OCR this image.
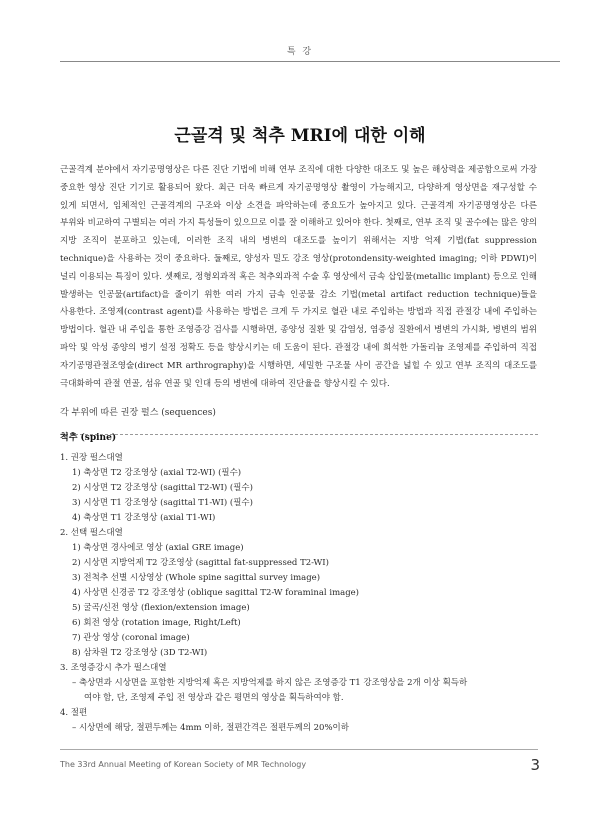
특 강
근골격 및 척추 MRI에 대한 이해

근골격계 분야에서 자기공명영상은 다른 진단 기법에 비해 연부 조직에 대한 다양한 대조도 및 높은 해상력을 제공함으로써 가장 중요한 영상 진단 기기로 활용되어 왔다. 최근 더욱 빠르게 자기공명영상 촬영이 가능해지고, 다양하게 영상면을 재구성할 수 있게 되면서, 임체적인 근골격계의 구조와 이상 소견을 파악하는데 중요도가 높아지고 있다. 근골격계 자기공명영상은 다른 부위와 비교하여 구별되는 여러 가지 특성들이 있으므로 이를 잘 이해하고 있어야 한다. 첫째로, 연부 조직 및 골수에는 많은 양의 지방 조직이 분포하고 있는데, 이러한 조직 내의 병변의 대조도를 높이기 위해서는 지방 억제 기법(fat suppression technique)을 사용하는 것이 중요하다. 둘째로, 양성자 밀도 강조 영상(protondensity-weighted imaging; 이하 PDWI)이 널리 이용되는 특징이 있다. 셋째로, 정형외과적 혹은 척추외과적 수술 후 영상에서 금속 삽입물(metallic implant) 등으로 인해 발생하는 인공물(artifact)을 줄이기 위한 여러 가지 금속 인공물 감소 기법(metal artifact reduction technique)들을 사용한다. 조영제(contrast agent)를 사용하는 방법은 크게 두 가지로 혈관 내로 주입하는 방법과 직접 관절강 내에 주입하는 방법이다. 혈관 내 주입을 통한 조영증강 검사를 시행하면, 종양성 질환 및 감염성, 염증성 질환에서 병변의 가시화, 병변의 범위 파악 및 악성 종양의 병기 설정 정확도 등을 향상시키는 데 도움이 된다. 관절강 내에 희석한 가돌리늄 조영제를 주입하여 직접 자기공명관절조영술(direct MR arthrography)을 시행하면, 세밀한 구조물 사이 공간을 넓힐 수 있고 연부 조직의 대조도를 극대화하여 관절 연골, 섬유 연골 및 인대 등의 병변에 대하여 진단율을 향상시킬 수 있다.

각 부위에 따른 권장 펄스 (sequences)
척추 (spine)
1. 권장 펄스대열
1) 축상면 T2 강조영상 (axial T2-WI) (필수)
2) 시상면 T2 강조영상 (sagittal T2-WI) (필수)
3) 시상면 T1 강조영상 (sagittal T1-WI) (필수)
4) 축상면 T1 강조영상 (axial T1-WI)
2. 선택 펄스대열
1) 축상면 경사에코 영상 (axial GRE image)
2) 시상면 지방억제 T2 강조영상 (sagittal fat-suppressed T2-WI)
3) 전척추 선별 시상영상 (Whole spine sagittal survey image)
4) 사상면 신경공 T2 강조영상 (oblique sagittal T2-W foraminal image)
5) 굴곡/신전 영상 (flexion/extension image)
6) 회전 영상 (rotation image, Right/Left)
7) 관상 영상 (coronal image)
8) 삼차원 T2 강조영상 (3D T2-WI)
3. 조영증강시 추가 펄스대열
– 축상면과 시상면을 포함한 지방억제 혹은 지방억제를 하지 않은 조영증강 T1 강조영상을 2개 이상 획득하
여야 함, 단, 조영제 주입 전 영상과 같은 평면의 영상을 획득하여야 함.
4. 절편
– 시상면에 해당, 절편두께는 4mm 이하, 절편간격은 절편두께의 20%이하
The 33rd Annual Meeting of Korean Society of MR Technology	3
